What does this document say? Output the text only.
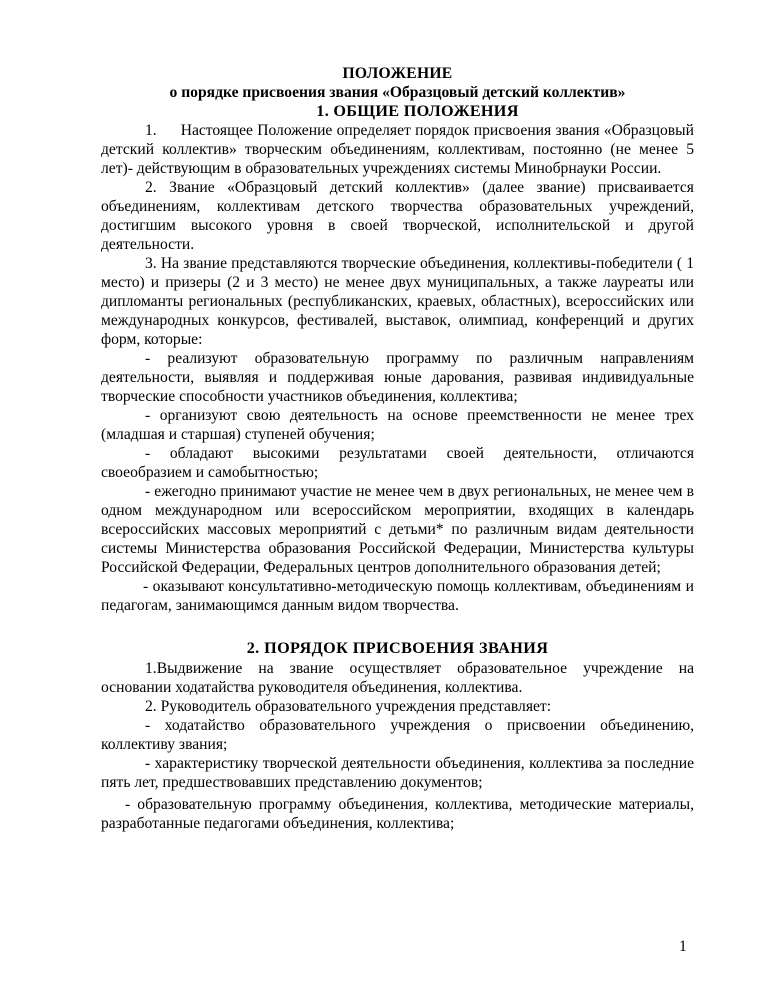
ПОЛОЖЕНИЕ
о порядке присвоения звания «Образцовый детский коллектив»
1. ОБЩИЕ ПОЛОЖЕНИЯ

1. Настоящее Положение определяет порядок присвоения звания «Образцовый детский коллектив» творческим объединениям, коллективам, постоянно (не менее 5 лет)- действующим в образовательных учреждениях системы Минобрнауки России.

2. Звание «Образцовый детский коллектив» (далее звание) присваивается объединениям, коллективам детского творчества образовательных учреждений, достигшим высокого уровня в своей творческой, исполнительской и другой деятельности.

3. На звание представляются творческие объединения, коллективы-победители ( 1 место) и призеры (2 и 3 место) не менее двух муниципальных, а также лауреаты или дипломанты региональных (республиканских, краевых, областных), всероссийских или международных конкурсов, фестивалей, выставок, олимпиад, конференций и других форм, которые:

- реализуют образовательную программу по различным направлениям деятельности, выявляя и поддерживая юные дарования, развивая индивидуальные творческие способности участников объединения, коллектива;

- организуют свою деятельность на основе преемственности не менее трех (младшая и старшая) ступеней обучения;

- обладают высокими результатами своей деятельности, отличаются своеобразием и самобытностью;

- ежегодно принимают участие не менее чем в двух региональных, не менее чем в одном международном или всероссийском мероприятии, входящих в календарь всероссийских массовых мероприятий с детьми* по различным видам деятельности системы Министерства образования Российской Федерации, Министерства культуры Российской Федерации, Федеральных центров дополнительного образования детей;

- оказывают консультативно-методическую помощь коллективам, объединениям и педагогам, занимающимся данным видом творчества.

2. ПОРЯДОК ПРИСВОЕНИЯ ЗВАНИЯ

1.Выдвижение на звание осуществляет образовательное учреждение на основании ходатайства руководителя объединения, коллектива.

2. Руководитель образовательного учреждения представляет:

- ходатайство образовательного учреждения о присвоении объединению, коллективу звания;

- характеристику творческой деятельности объединения, коллектива за последние пять лет, предшествовавших представлению документов;

- образовательную программу объединения, коллектива, методические материалы, разработанные педагогами объединения, коллектива;

1
